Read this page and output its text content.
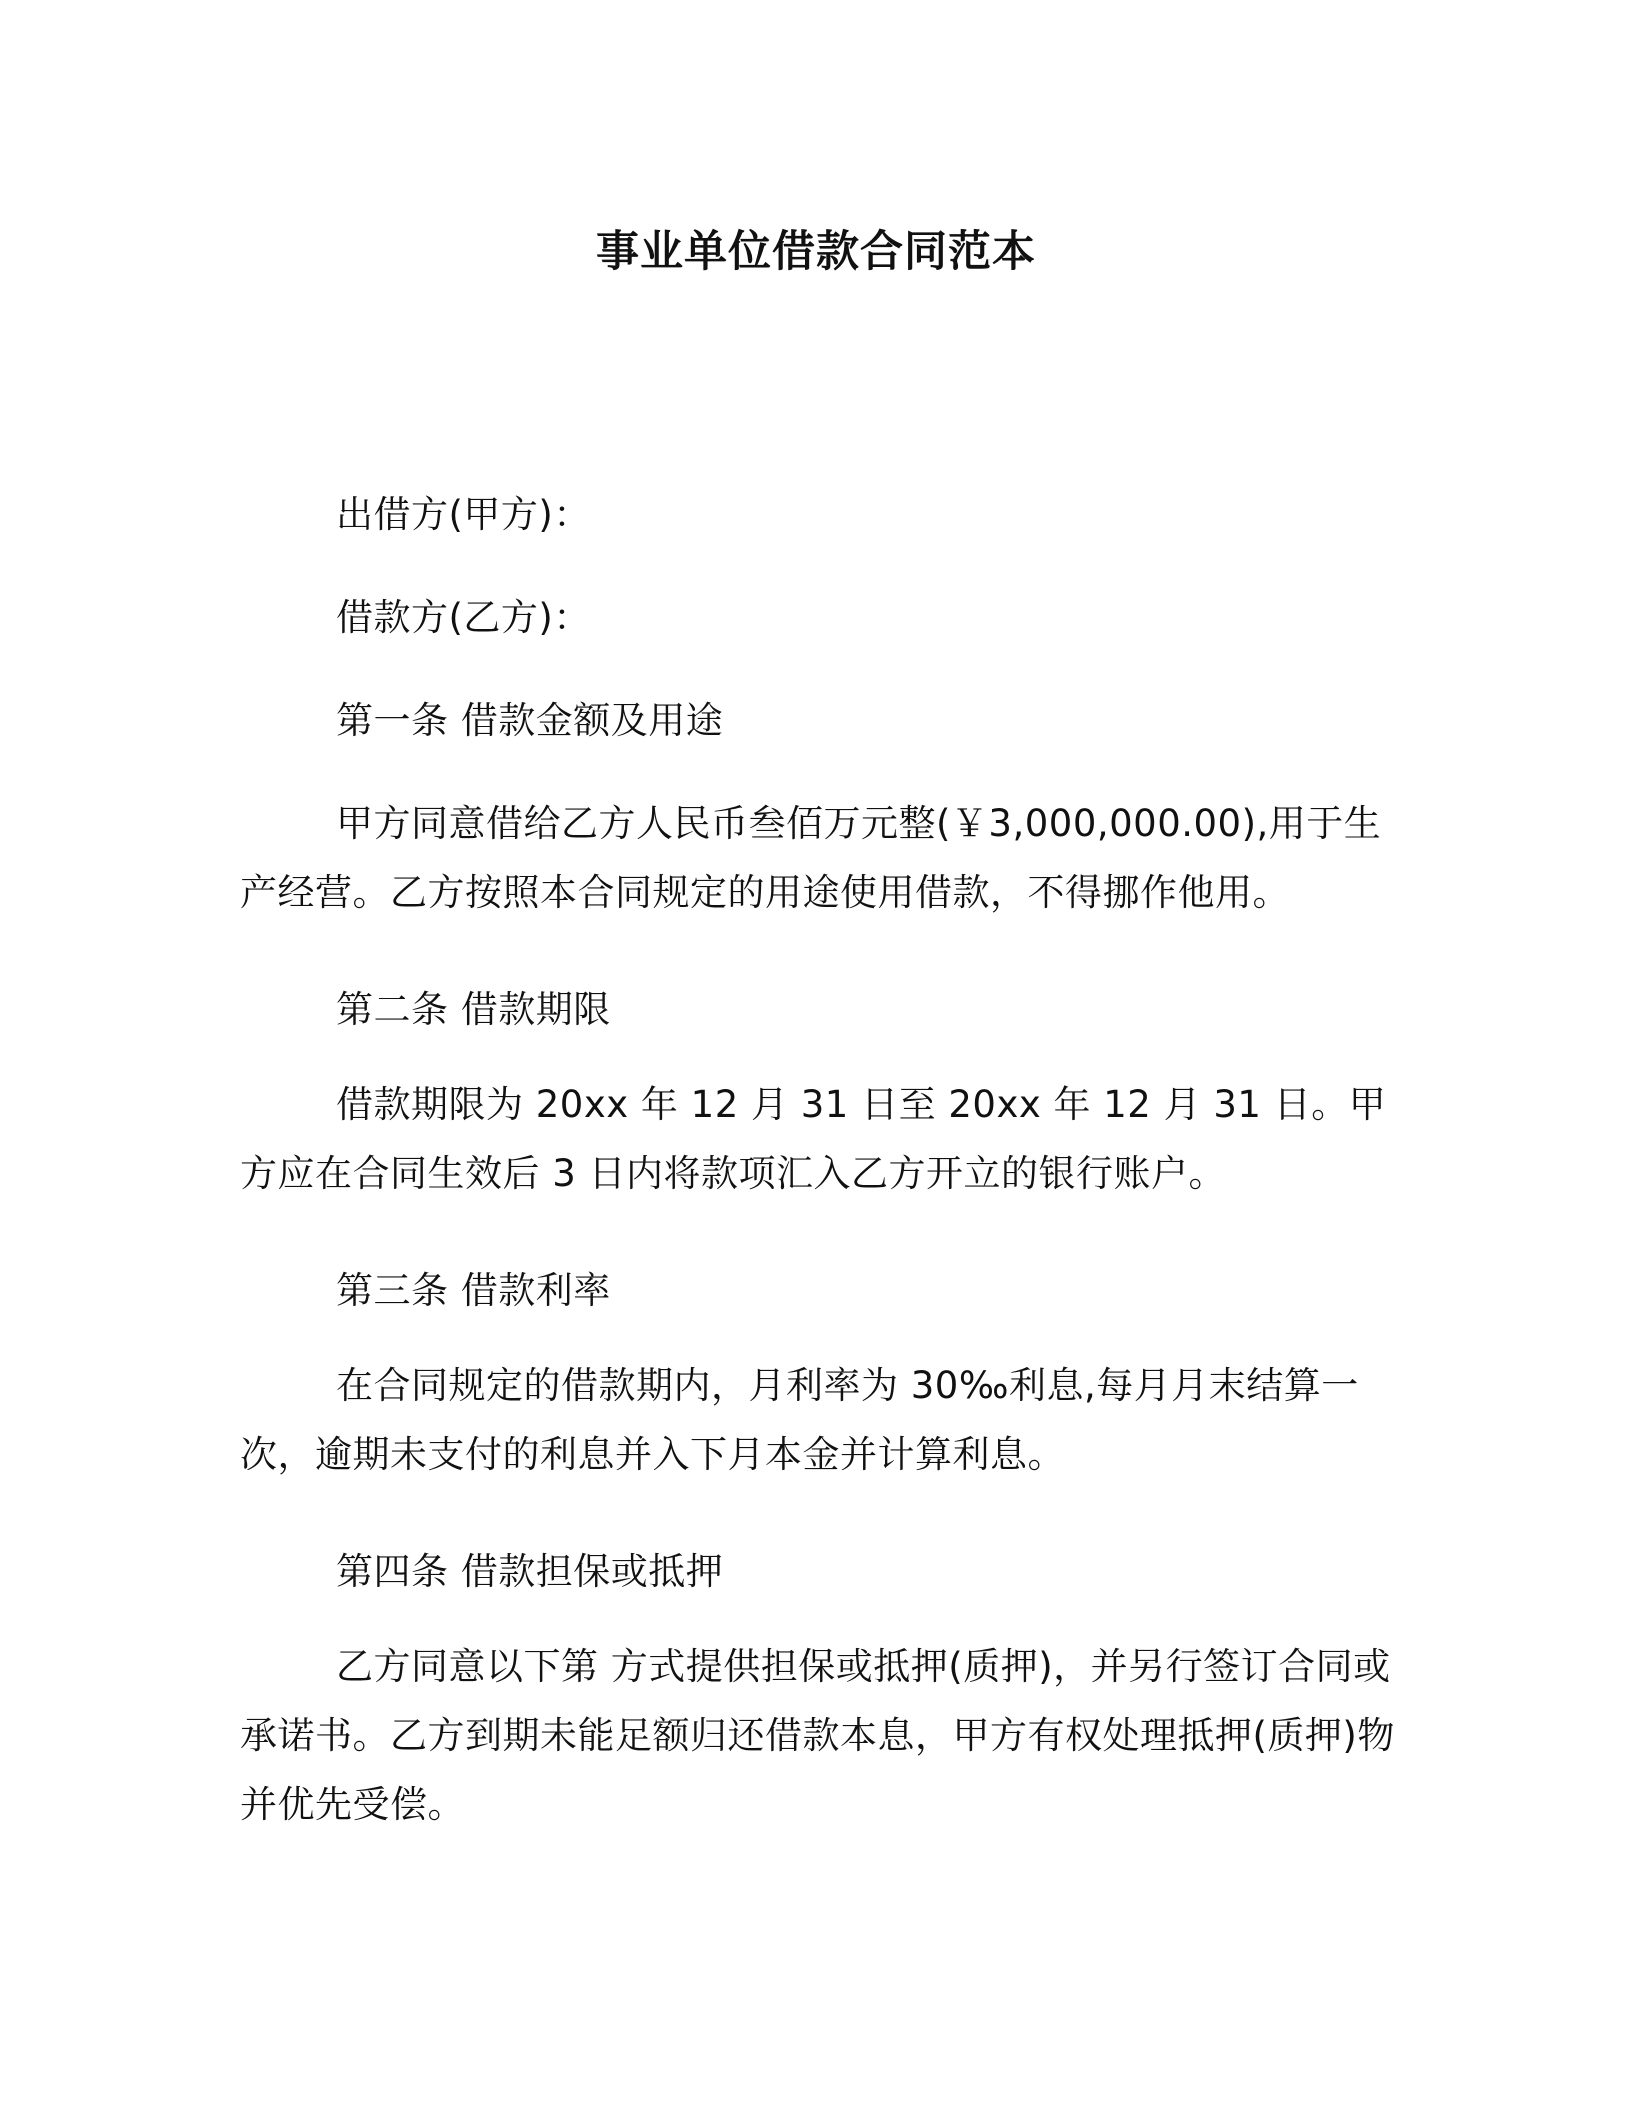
事业单位借款合同范本

出借方(甲方)：

借款方(乙方)：

第一条 借款金额及用途

甲方同意借给乙方人民币叁佰万元整(￥3,000,000.00),用于生产经营。乙方按照本合同规定的用途使用借款，不得挪作他用。

第二条 借款期限

借款期限为 20xx 年 12 月 31 日至 20xx 年 12 月 31 日。甲方应在合同生效后 3 日内将款项汇入乙方开立的银行账户。

第三条 借款利率

在合同规定的借款期内，月利率为 30‰利息,每月月末结算一次，逾期未支付的利息并入下月本金并计算利息。

第四条 借款担保或抵押

乙方同意以下第 方式提供担保或抵押(质押)，并另行签订合同或承诺书。乙方到期未能足额归还借款本息，甲方有权处理抵押(质押)物并优先受偿。
